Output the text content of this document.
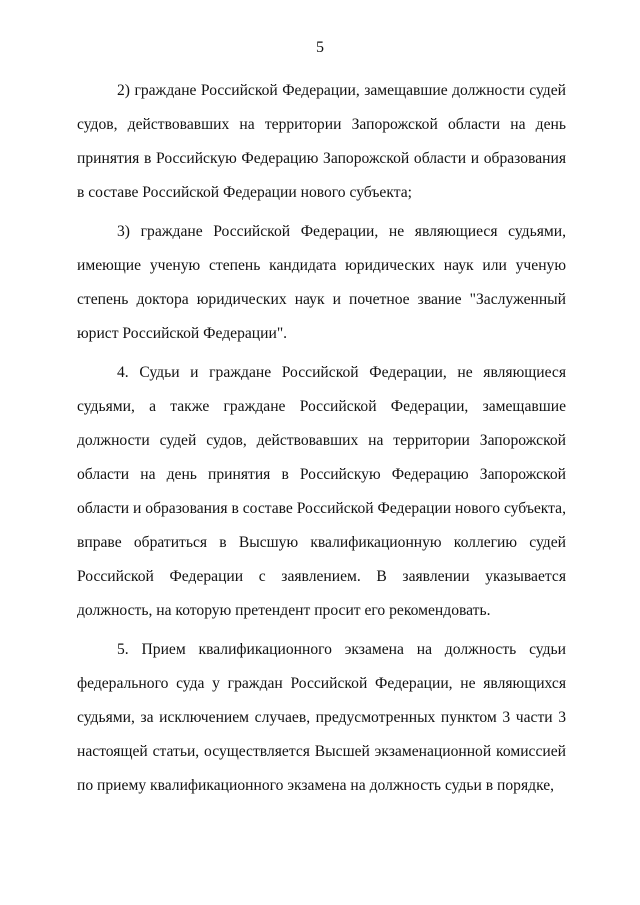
5

2) граждане Российской Федерации, замещавшие должности судей судов, действовавших на территории Запорожской области на день принятия в Российскую Федерацию Запорожской области и образования в составе Российской Федерации нового субъекта;

3) граждане Российской Федерации, не являющиеся судьями, имеющие ученую степень кандидата юридических наук или ученую степень доктора юридических наук и почетное звание "Заслуженный юрист Российской Федерации".

4. Судьи и граждане Российской Федерации, не являющиеся судьями, а также граждане Российской Федерации, замещавшие должности судей судов, действовавших на территории Запорожской области на день принятия в Российскую Федерацию Запорожской области и образования в составе Российской Федерации нового субъекта, вправе обратиться в Высшую квалификационную коллегию судей Российской Федерации с заявлением. В заявлении указывается должность, на которую претендент просит его рекомендовать.

5. Прием квалификационного экзамена на должность судьи федерального суда у граждан Российской Федерации, не являющихся судьями, за исключением случаев, предусмотренных пунктом 3 части 3 настоящей статьи, осуществляется Высшей экзаменационной комиссией по приему квалификационного экзамена на должность судьи в порядке,
